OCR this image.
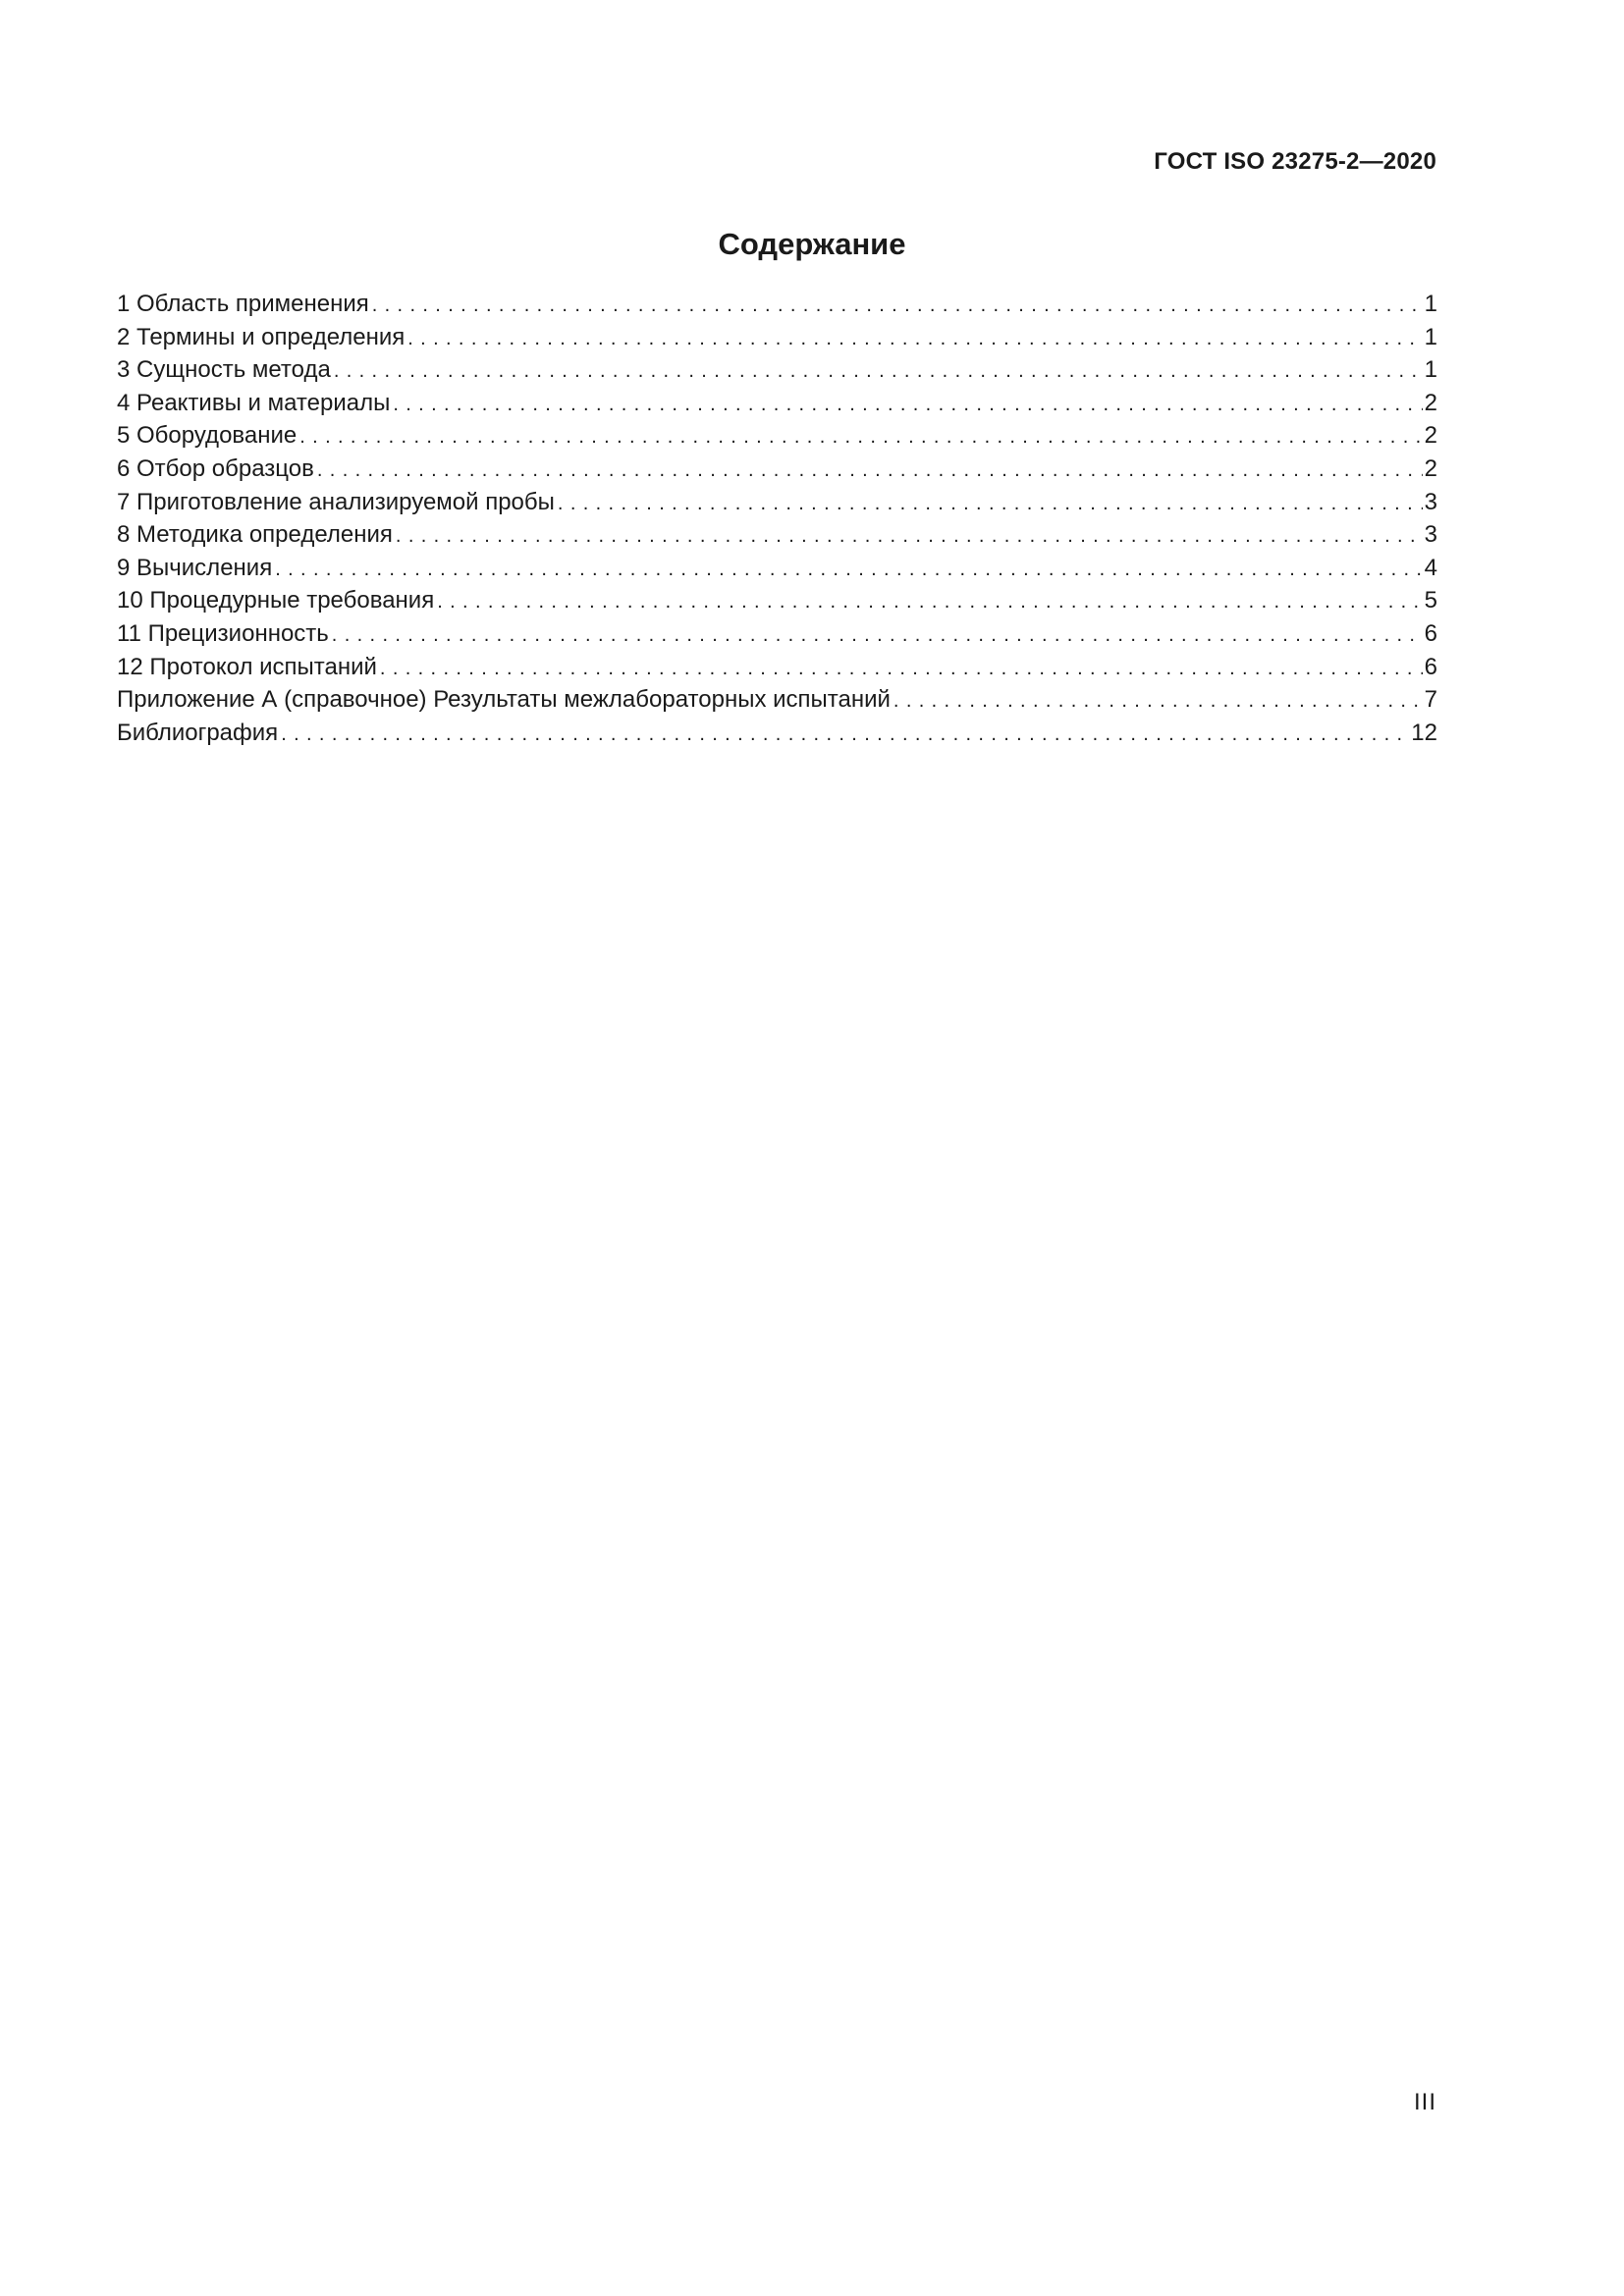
ГОСТ ISO 23275-2—2020
Содержание
1 Область применения . . .	1
2 Термины и определения . . .	1
3 Сущность метода . . .	1
4 Реактивы и материалы . . .	2
5 Оборудование . . .	2
6 Отбор образцов . . .	2
7 Приготовление анализируемой пробы . . .	3
8 Методика определения . . .	3
9 Вычисления . . .	4
10 Процедурные требования . . .	5
11 Прецизионность . . .	6
12 Протокол испытаний . . .	6
Приложение А (справочное) Результаты межлабораторных испытаний . . .	7
Библиография . . .	12
III
